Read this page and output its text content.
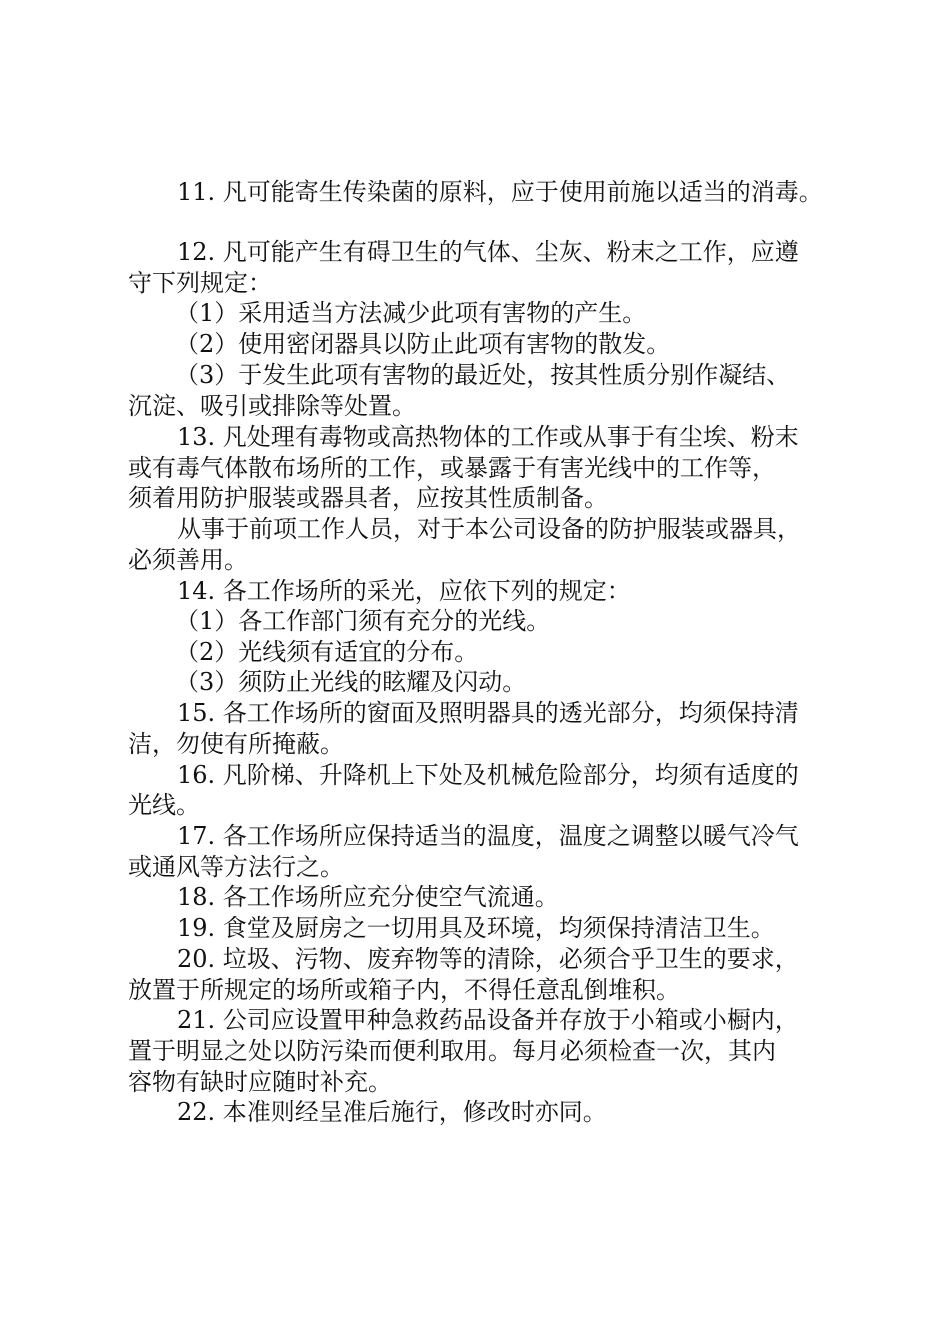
11. 凡可能寄生传染菌的原料，应于使用前施以适当的消毒。

12. 凡可能产生有碍卫生的气体、尘灰、粉末之工作，应遵

守下列规定：

（1）采用适当方法减少此项有害物的产生。

（2）使用密闭器具以防止此项有害物的散发。

（3）于发生此项有害物的最近处，按其性质分别作凝结、

沉淀、吸引或排除等处置。

13. 凡处理有毒物或高热物体的工作或从事于有尘埃、粉末

或有毒气体散布场所的工作，或暴露于有害光线中的工作等，

须着用防护服装或器具者，应按其性质制备。

从事于前项工作人员，对于本公司设备的防护服装或器具，

必须善用。

14. 各工作场所的采光，应依下列的规定：

（1）各工作部门须有充分的光线。

（2）光线须有适宜的分布。

（3）须防止光线的眩耀及闪动。

15. 各工作场所的窗面及照明器具的透光部分，均须保持清

洁，勿使有所掩蔽。

16. 凡阶梯、升降机上下处及机械危险部分，均须有适度的

光线。

17. 各工作场所应保持适当的温度，温度之调整以暖气冷气

或通风等方法行之。

18. 各工作场所应充分使空气流通。

19. 食堂及厨房之一切用具及环境，均须保持清洁卫生。

20. 垃圾、污物、废弃物等的清除，必须合乎卫生的要求，

放置于所规定的场所或箱子内，不得任意乱倒堆积。

21. 公司应设置甲种急救药品设备并存放于小箱或小橱内，

置于明显之处以防污染而便利取用。每月必须检查一次，其内

容物有缺时应随时补充。

22. 本准则经呈准后施行，修改时亦同。
